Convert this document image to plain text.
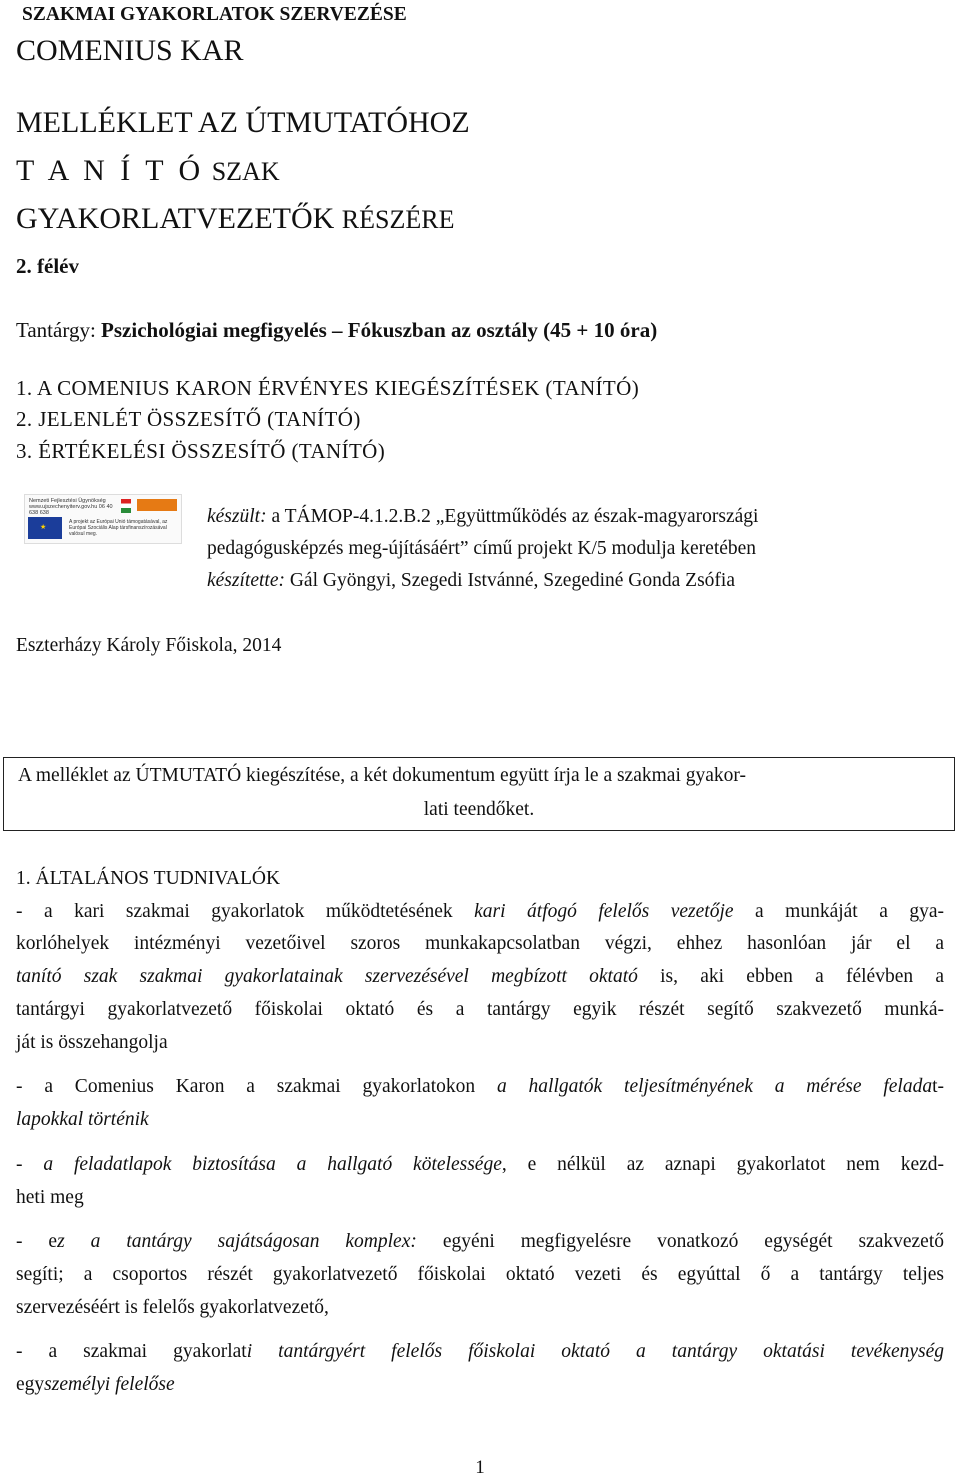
SZAKMAI GYAKORLATOK SZERVEZÉSE
COMENIUS KAR
MELLÉKLET AZ ÚTMUTATÓHOZ
T A N Í T Ó SZAK
GYAKORLATVEZETŐK RÉSZÉRE
2. félév
Tantárgy: Pszichológiai megfigyelés – Fókuszban az osztály (45 + 10 óra)
1. A COMENIUS KARON ÉRVÉNYES KIEGÉSZÍTÉSEK (TANÍTÓ)
2. JELENLÉT ÖSSZESÍTŐ (TANÍTÓ)
3. ÉRTÉKELÉSI ÖSSZESÍTŐ (TANÍTÓ)
Nemzeti Fejlesztési Ügynökség www.ujszechenyiterv.gov.hu 06 40 638 638
★
A projekt az Európai Unió támogatásával, az Európai Szociális Alap társfinanszírozásával valósul meg.
készült: a TÁMOP-4.1.2.B.2 „Együttműködés az észak-magyarországi
pedagógusképzés meg-újításáért” című projekt K/5 modulja keretében
készítette: Gál Gyöngyi, Szegedi Istvánné, Szegediné Gonda Zsófia
Eszterházy Károly Főiskola, 2014
A melléklet az ÚTMUTATÓ kiegészítése, a két dokumentum együtt írja le a szakmai gyakor-
lati teendőket.
1. ÁLTALÁNOS TUDNIVALÓK
- a kari szakmai gyakorlatok működtetésének kari átfogó felelős vezetője a munkáját a gya-
korlóhelyek intézményi vezetőivel szoros munkakapcsolatban végzi, ehhez hasonlóan jár el a
tanító szak szakmai gyakorlatainak szervezésével megbízott oktató is, aki ebben a félévben a
tantárgyi gyakorlatvezető főiskolai oktató és a tantárgy egyik részét segítő szakvezető munká-
ját is összehangolja
- a Comenius Karon a szakmai gyakorlatokon a hallgatók teljesítményének a mérése feladat-
lapokkal történik
- a feladatlapok biztosítása a hallgató kötelessége, e nélkül az aznapi gyakorlatot nem kezd-
heti meg
- ez a tantárgy sajátságosan komplex: egyéni megfigyelésre vonatkozó egységét szakvezető
segíti; a csoportos részét gyakorlatvezető főiskolai oktató vezeti és egyúttal ő a tantárgy teljes
szervezéséért is felelős gyakorlatvezető,
- a szakmai gyakorlati tantárgyért felelős főiskolai oktató a tantárgy oktatási tevékenység
egyszemélyi felelőse
1
